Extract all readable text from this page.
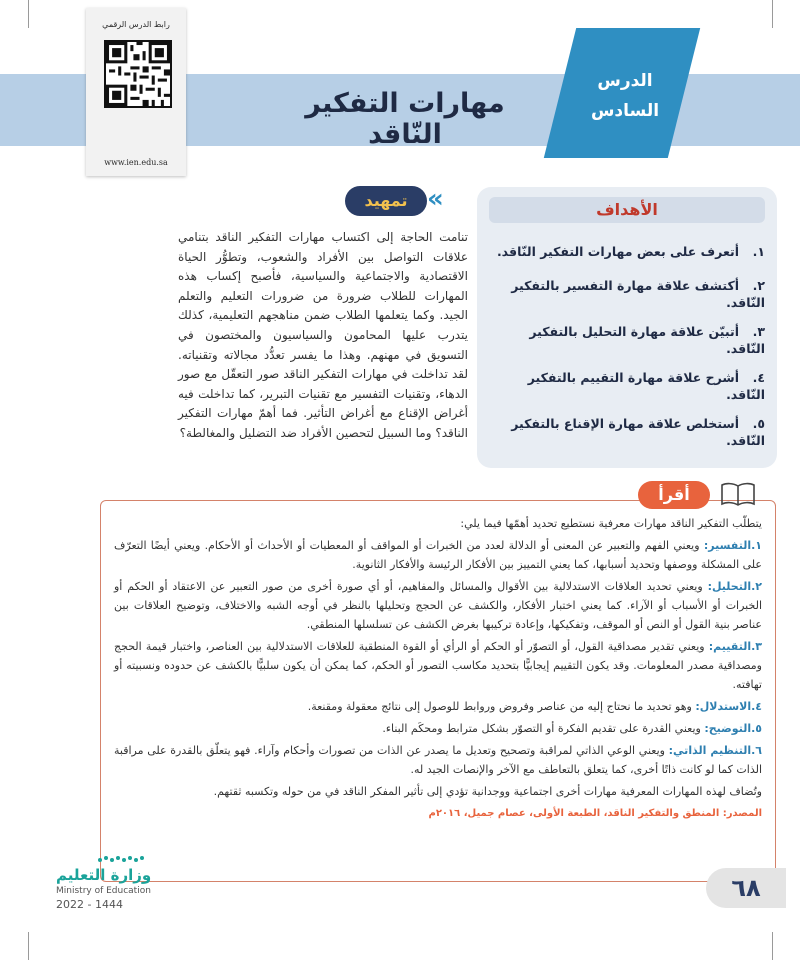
الدرس
السادس
مهارات التفكير النّاقد
رابط الدرس الرقمي
www.ien.edu.sa
الأهداف
١.أتعرف على بعض مهارات التفكير النّاقد.
٢.أكتشف علاقة مهارة التفسير بالتفكير النّاقد.
٣.أتبيّن علاقة مهارة التحليل بالتفكير النّاقد.
٤.أشرح علاقة مهارة التقييم بالتفكير النّاقد.
٥.أستخلص علاقة مهارة الإقناع بالتفكير النّاقد.
«
تمهيد
تنامت الحاجة إلى اكتساب مهارات التفكير الناقد بتنامي علاقات التواصل بين الأفراد والشعوب، وتطوُّر الحياة الاقتصادية والاجتماعية والسياسية، فأصبح إكساب هذه المهارات للطلاب ضرورة من ضرورات التعليم والتعلم الجيد. وكما يتعلمها الطلاب ضمن مناهجهم التعليمية، كذلك يتدرب عليها المحامون والسياسيون والمختصون في التسويق في مهنهم. وهذا ما يفسر تعدُّد مجالاته وتقنياته. لقد تداخلت في مهارات التفكير الناقد صور التعقّل مع صور الدهاء، وتقنيات التفسير مع تقنيات التبرير، كما تداخلت فيه أغراض الإقناع مع أغراض التأثير. فما أهمّ مهارات التفكير الناقد؟ وما السبيل لتحصين الأفراد ضد التضليل والمغالطة؟
أقرأ

يتطلّب التفكير الناقد مهارات معرفية نستطيع تحديد أهمّها فيما يلي:

١.التفسير: ويعني الفهم والتعبير عن المعنى أو الدلالة لعدد من الخبرات أو المواقف أو المعطيات أو الأحداث أو الأحكام. ويعني أيضًا التعرّف على المشكلة ووصفها وتحديد أسبابها، كما يعني التمييز بين الأفكار الرئيسة والأفكار الثانوية.

٢.التحليل: ويعني تحديد العلاقات الاستدلالية بين الأقوال والمسائل والمفاهيم، أو أي صورة أخرى من صور التعبير عن الاعتقاد أو الحكم أو الخبرات أو الأسباب أو الآراء. كما يعني اختبار الأفكار، والكشف عن الحجج وتحليلها بالنظر في أوجه الشبه والاختلاف، وتوضيح العلاقات بين عناصر بنية القول أو النص أو الموقف، وتفكيكها، وإعادة تركيبها بغرض الكشف عن تسلسلها المنطقي.

٣.التقييم: ويعني تقدير مصداقية القول، أو التصوّر أو الحكم أو الرأي أو القوة المنطقية للعلاقات الاستدلالية بين العناصر، واختبار قيمة الحجج ومصداقية مصدر المعلومات. وقد يكون التقييم إيجابيًّا بتحديد مكاسب التصور أو الحكم، كما يمكن أن يكون سلبيًّا بالكشف عن حدوده ونسبيته أو تهافته.

٤.الاستدلال: وهو تحديد ما نحتاج إليه من عناصر وفروض وروابط للوصول إلى نتائج معقولة ومقنعة.

٥.التوضيح: ويعني القدرة على تقديم الفكرة أو التصوّر بشكل مترابط ومحكَم البناء.

٦.التنظيم الذاتي: ويعني الوعي الذاتي لمراقبة وتصحيح وتعديل ما يصدر عن الذات من تصورات وأحكام وآراء. فهو يتعلّق بالقدرة على مراقبة الذات كما لو كانت ذاتًا أخرى، كما يتعلق بالتعاطف مع الآخر والإنصات الجيد له.

وتُضاف لهذه المهارات المعرفية مهارات أخرى اجتماعية ووجدانية تؤدي إلى تأثير المفكر الناقد في من حوله وتكسبه ثقتهم.

المصدر: المنطق والتفكير الناقد، الطبعة الأولى، عصام جميل، ٢٠١٦م
وزارة التعليم
Ministry of Education
2022 - 1444
٦٨
